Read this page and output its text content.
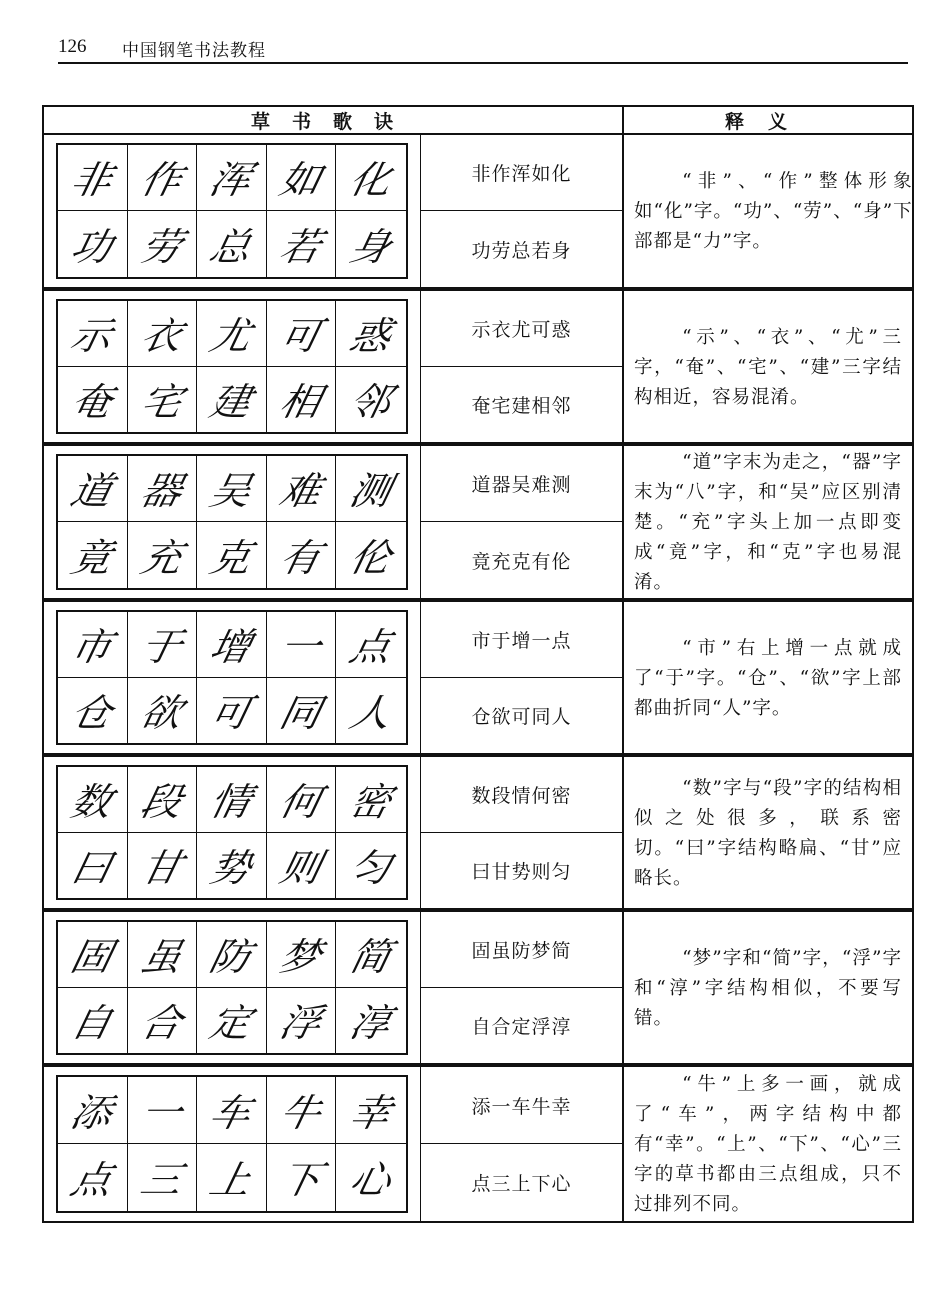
126 中国钢笔书法教程
草书歌诀	释义
非 作 浑 如 化
功 劳 总 若 身
非作浑如化
功劳总若身

“非”、“作”整体形象如“化”字。“功”、“劳”、“身”下部都是“力”字。

示 衣 尤 可 惑
奄 宅 建 相 邻
示衣尤可惑
奄宅建相邻

“示”、“衣”、“尤”三字，“奄”、“宅”、“建”三字结构相近，容易混淆。

道 器 吴 难 测
竟 充 克 有 伦
道器吴难测
竟充克有伦

“道”字末为走之，“器”字末为“八”字，和“吴”应区别清楚。“充”字头上加一点即变成“竟”字，和“克”字也易混淆。

市 于 增 一 点
仓 欲 可 同 人
市于增一点
仓欲可同人

“市”右上增一点就成了“于”字。“仓”、“欲”字上部都曲折同“人”字。

数 段 情 何 密
曰 甘 势 则 匀
数段情何密
曰甘势则匀

“数”字与“段”字的结构相似之处很多，联系密切。“曰”字结构略扁、“甘”应略长。

固 虽 防 梦 简
自 合 定 浮 淳
固虽防梦简
自合定浮淳

“梦”字和“简”字，“浮”字和“淳”字结构相似，不要写错。

添 一 车 牛 幸
点 三 上 下 心
添一车牛幸
点三上下心

“牛”上多一画，就成了“车”，两字结构中都有“幸”。“上”、“下”、“心”三字的草书都由三点组成，只不过排列不同。
